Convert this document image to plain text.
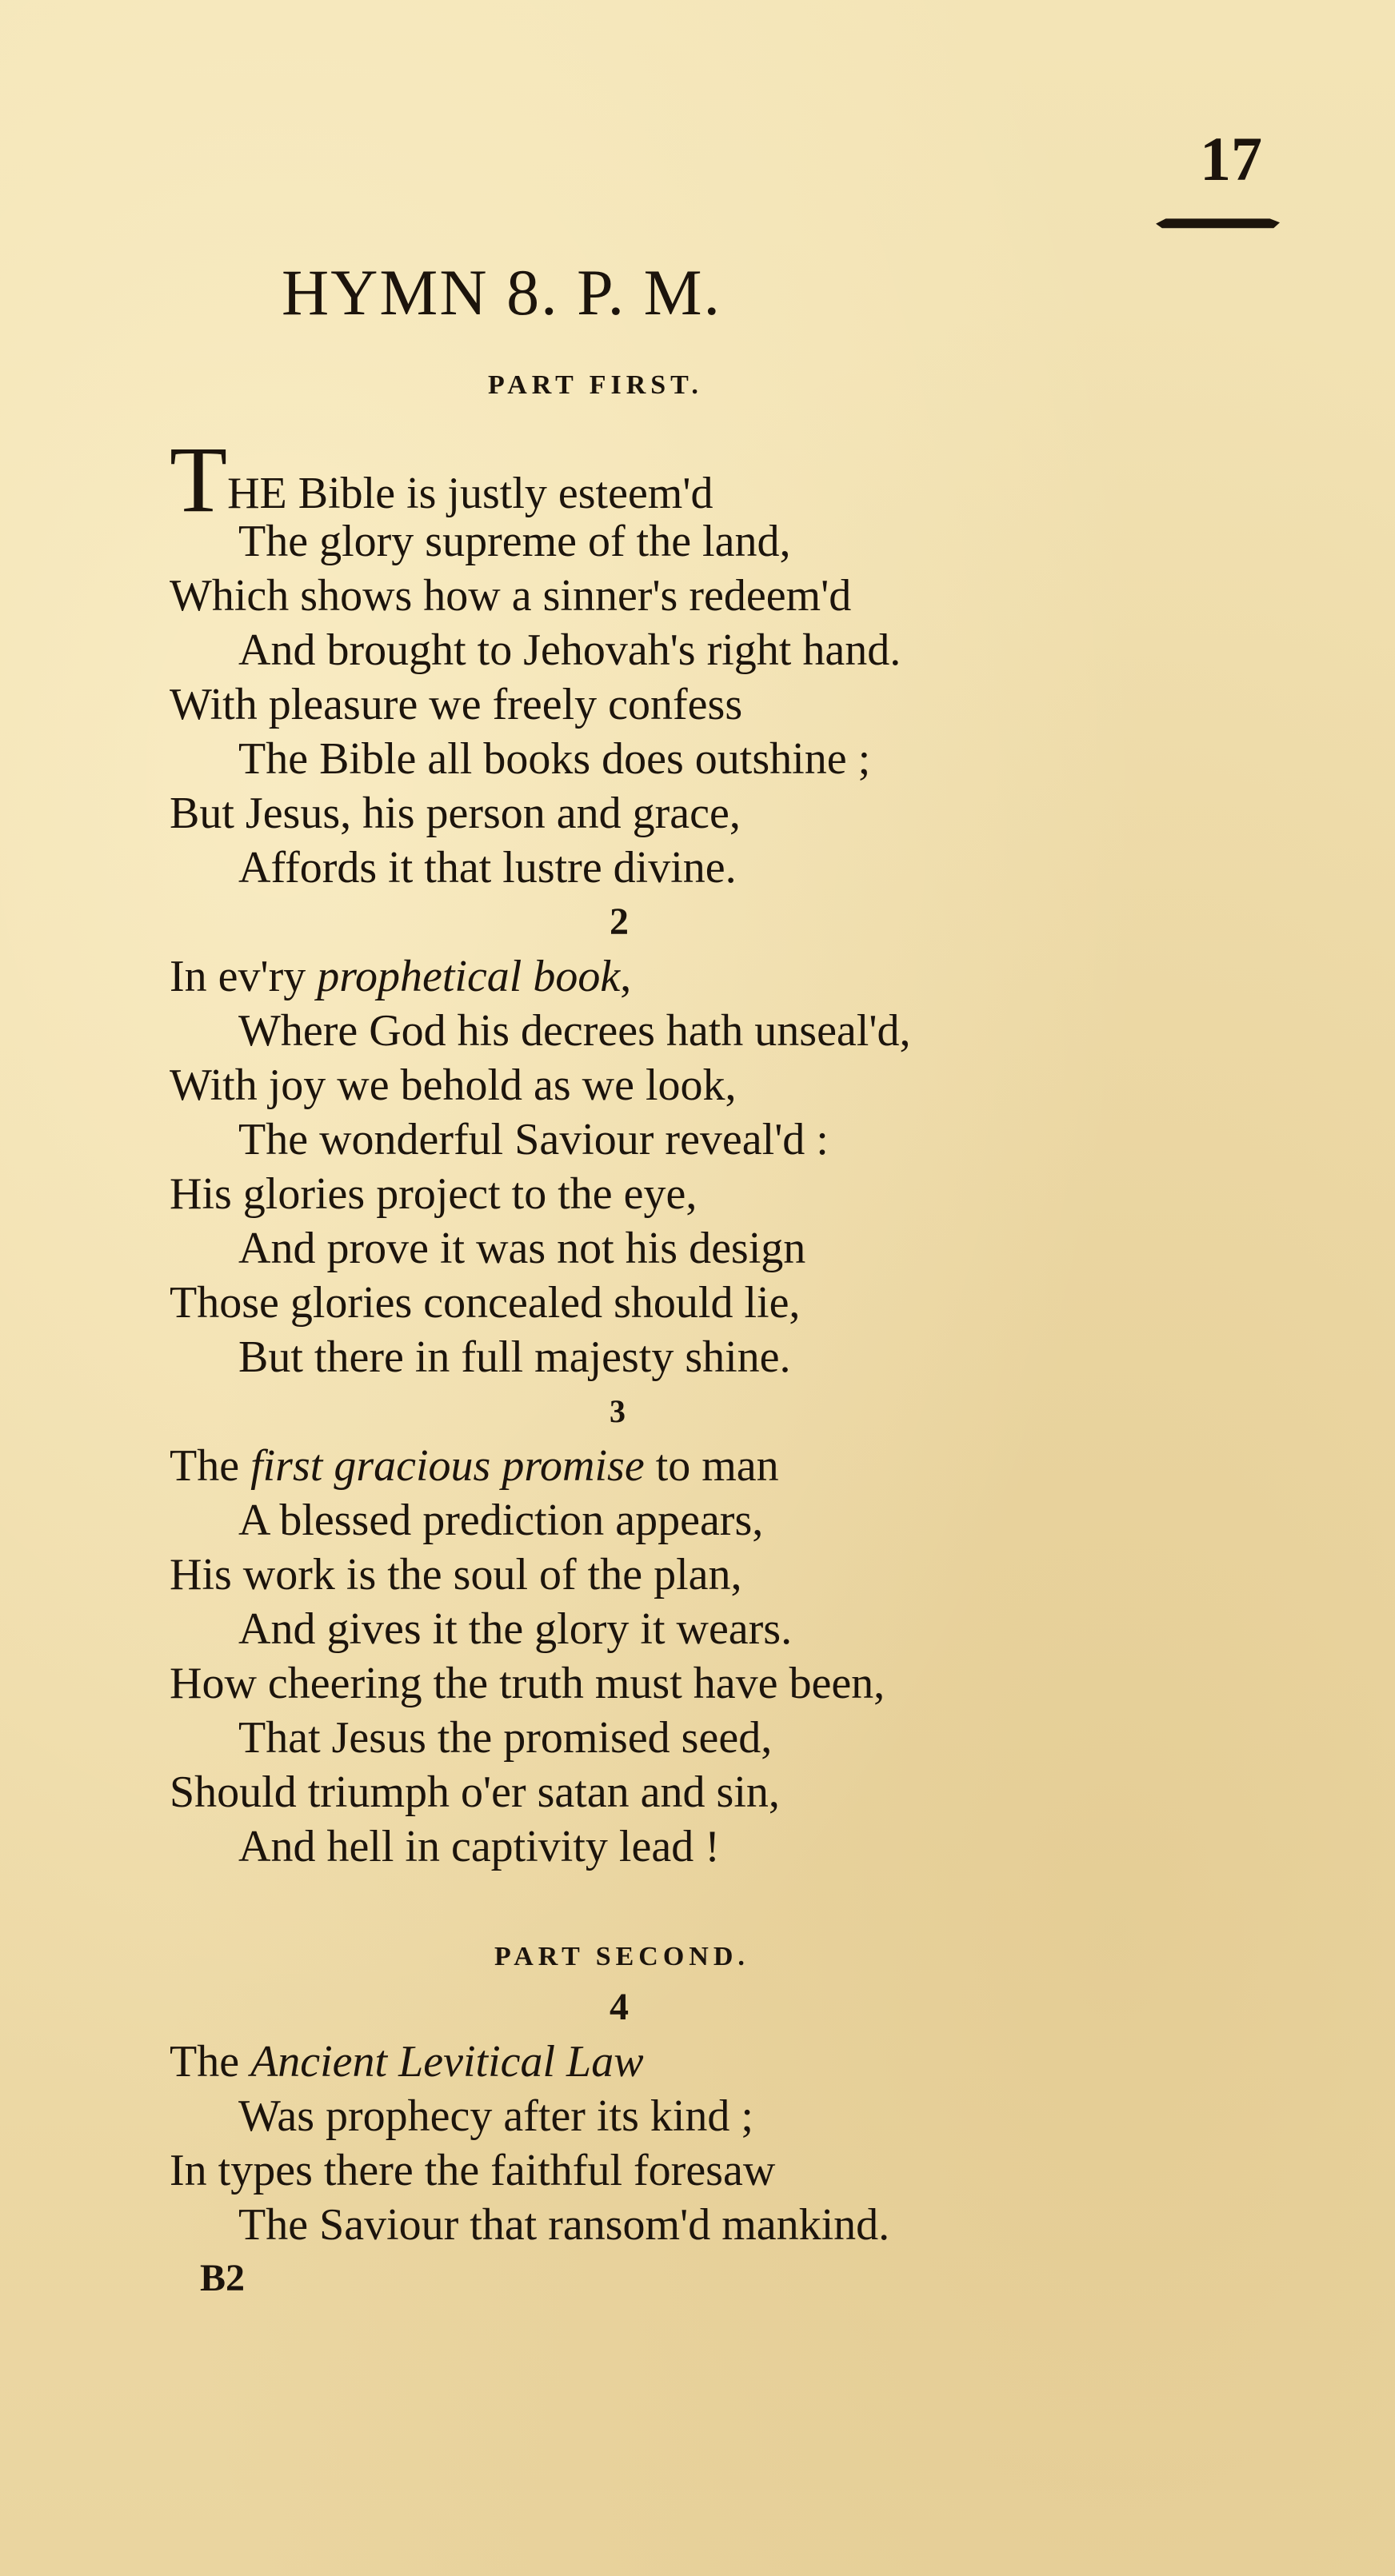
17
HYMN 8. P. M.
PART FIRST.
THE Bible is justly esteem'd
The glory supreme of the land,
Which shows how a sinner's redeem'd
And brought to Jehovah's right hand.
With pleasure we freely confess
The Bible all books does outshine ;
But Jesus, his person and grace,
Affords it that lustre divine.
2
In ev'ry prophetical book,
Where God his decrees hath unseal'd,
With joy we behold as we look,
The wonderful Saviour reveal'd :
His glories project to the eye,
And prove it was not his design
Those glories concealed should lie,
But there in full majesty shine.
3
The first gracious promise to man
A blessed prediction appears,
His work is the soul of the plan,
And gives it the glory it wears.
How cheering the truth must have been,
That Jesus the promised seed,
Should triumph o'er satan and sin,
And hell in captivity lead !
PART SECOND.
4
The Ancient Levitical Law
Was prophecy after its kind ;
In types there the faithful foresaw
The Saviour that ransom'd mankind.
B2
